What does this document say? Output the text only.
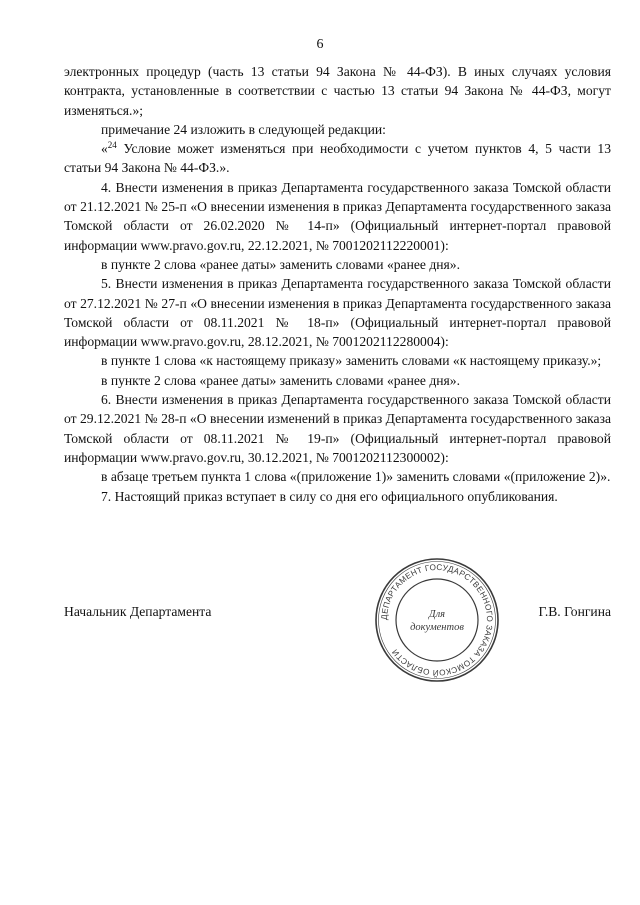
6

электронных процедур (часть 13 статьи 94 Закона № 44-ФЗ). В иных случаях условия контракта, установленные в соответствии с частью 13 статьи 94 Закона № 44-ФЗ, могут изменяться.»;

примечание 24 изложить в следующей редакции:

«$^{24}$ Условие может изменяться при необходимости с учетом пунктов 4, 5 части 13 статьи 94 Закона № 44-ФЗ.».

4. Внести изменения в приказ Департамента государственного заказа Томской области от 21.12.2021 № 25-п «О внесении изменения в приказ Департамента государственного заказа Томской области от 26.02.2020 № 14-п» (Официальный интернет-портал правовой информации www.pravo.gov.ru, 22.12.2021, № 7001202112220001):

в пункте 2 слова «ранее даты» заменить словами «ранее дня».

5. Внести изменения в приказ Департамента государственного заказа Томской области от 27.12.2021 № 27-п «О внесении изменения в приказ Департамента государственного заказа Томской области от 08.11.2021 № 18-п» (Официальный интернет-портал правовой информации www.pravo.gov.ru, 28.12.2021, № 7001202112280004):

в пункте 1 слова «к настоящему приказу» заменить словами «к настоящему приказу.»;

в пункте 2 слова «ранее даты» заменить словами «ранее дня».

6. Внести изменения в приказ Департамента государственного заказа Томской области от 29.12.2021 № 28-п «О внесении изменений в приказ Департамента государственного заказа Томской области от 08.11.2021 № 19-п» (Официальный интернет-портал правовой информации www.pravo.gov.ru, 30.12.2021, № 7001202112300002):

в абзаце третьем пункта 1 слова «(приложение 1)» заменить словами «(приложение 2)».

7. Настоящий приказ вступает в силу со дня его официального опубликования.

Начальник Департамента	Г.В. Гонгина
ДЕПАРТАМЕНТ ГОСУДАРСТВЕННОГО ЗАКАЗА ТОМСКОЙ ОБЛАСТИ
Для
документов
